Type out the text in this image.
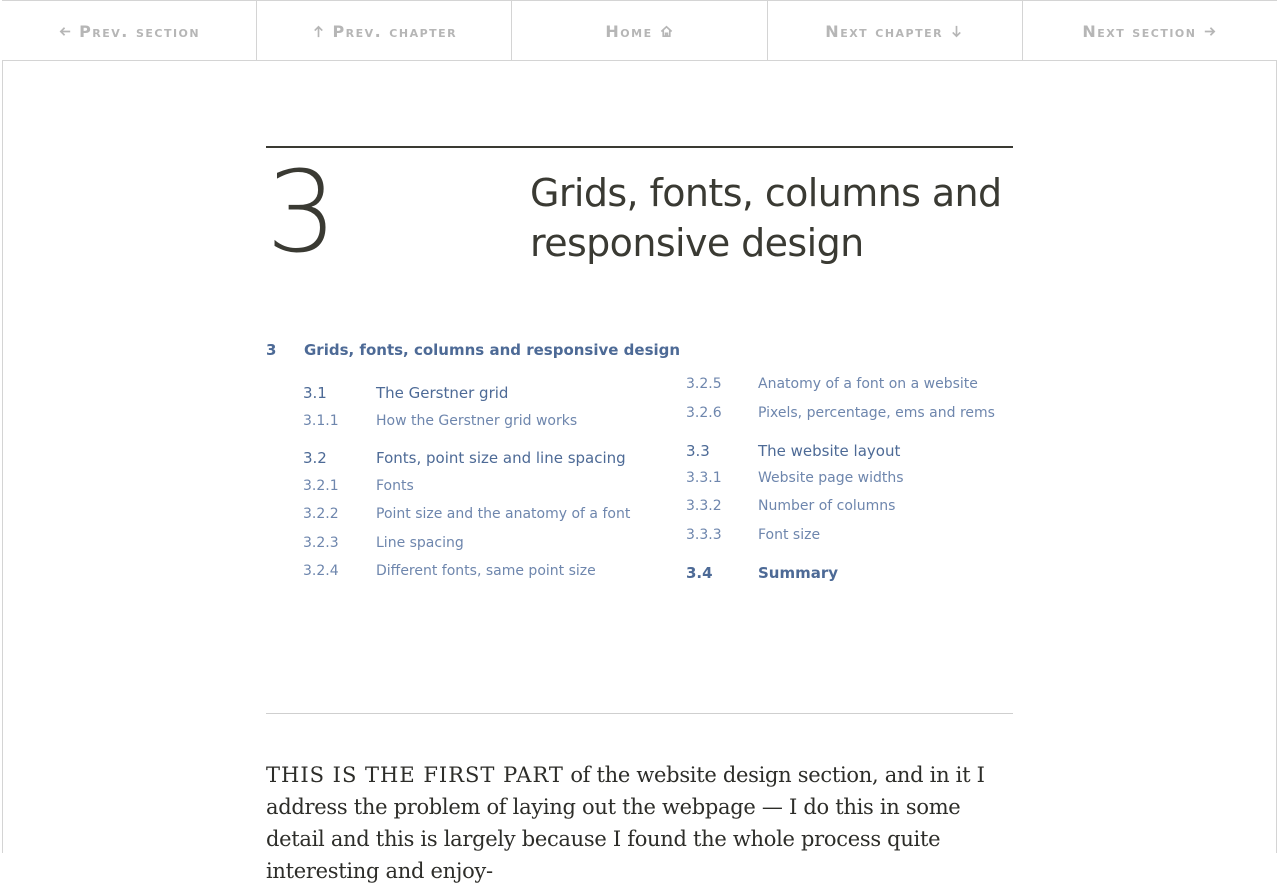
Prev. section	Prev. chapter	Home	Next chapter	Next section
3	Grids, fonts, columns and responsive design
3 Grids, fonts, columns and responsive design
3.1	The Gerstner grid
3.1.1	How the Gerstner grid works
3.2	Fonts, point size and line spacing
3.2.1	Fonts
3.2.2	Point size and the anatomy of a font
3.2.3	Line spacing
3.2.4	Different fonts, same point size
3.2.5	Anatomy of a font on a website
3.2.6	Pixels, percentage, ems and rems
3.3	The website layout
3.3.1	Website page widths
3.3.2	Number of columns
3.3.3	Font size
3.4	Summary

THIS IS THE FIRST PART of the website design section, and in it I address the problem of laying out the webpage — I do this in some detail and this is largely because I found the whole process quite interesting and enjoy-
